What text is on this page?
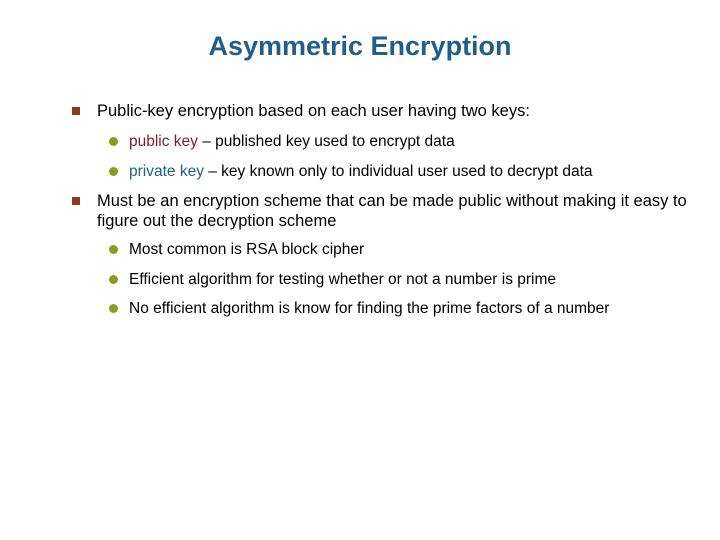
Asymmetric Encryption
Public-key encryption based on each user having two keys:
public key – published key used to encrypt data
private key – key known only to individual user used to decrypt data
Must be an encryption scheme that can be made public without making it easy to figure out the decryption scheme
Most common is RSA block cipher
Efficient algorithm for testing whether or not a number is prime
No efficient algorithm is know for finding the prime factors of a number
